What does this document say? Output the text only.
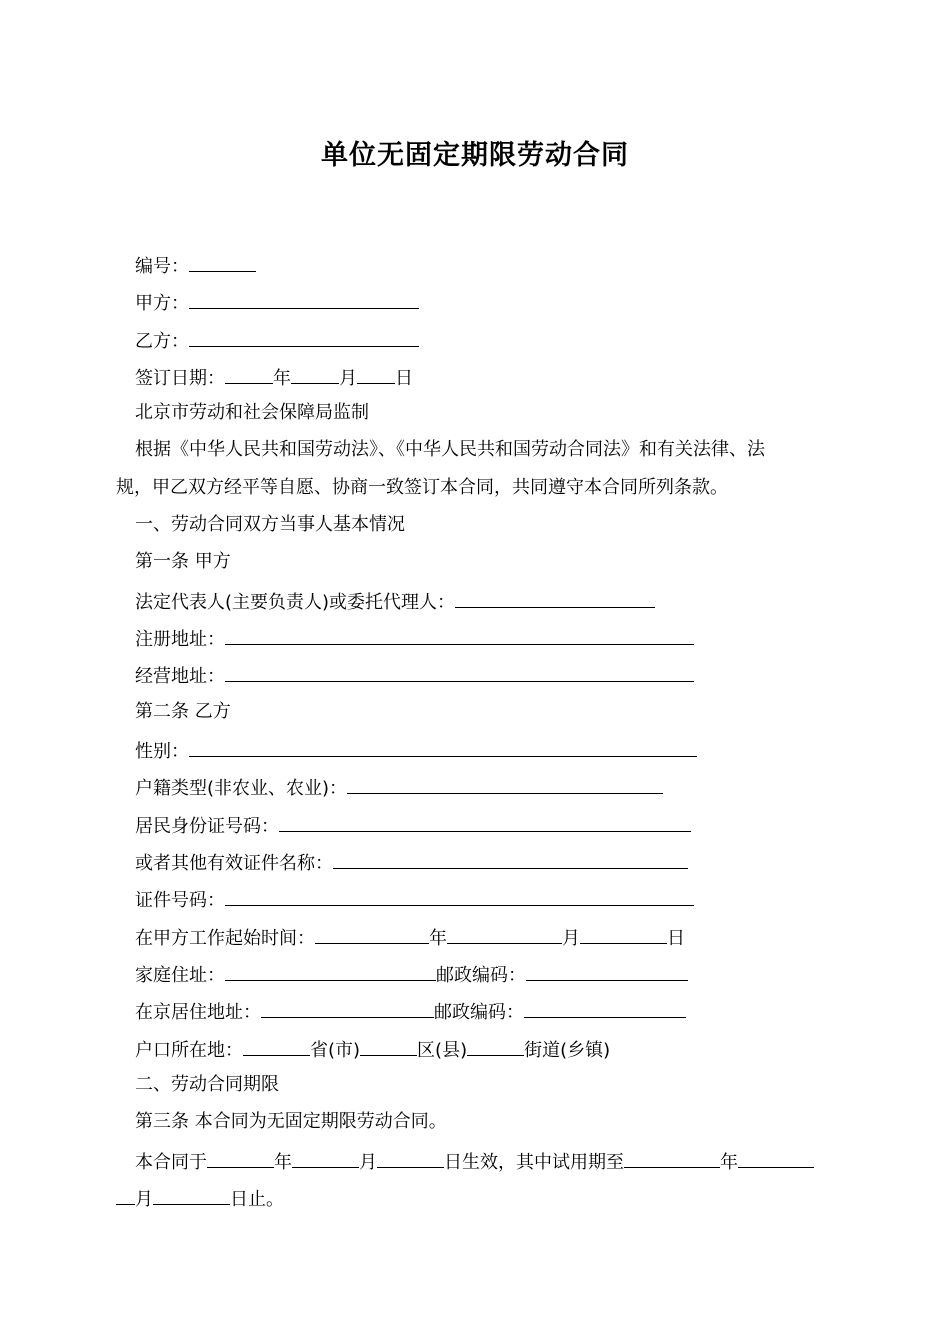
单位无固定期限劳动合同
编号：
甲方：
乙方：
签订日期：	年	月 日
北京市劳动和社会保障局监制
根据《中华人民共和国劳动法》、《中华人民共和国劳动合同法》和有关法律、法
规，甲乙双方经平等自愿、协商一致签订本合同，共同遵守本合同所列条款。
一、劳动合同双方当事人基本情况
第一条 甲方
法定代表人(主要负责人)或委托代理人：
注册地址：
经营地址：
第二条 乙方
性别：
户籍类型(非农业、农业)：
居民身份证号码：
或者其他有效证件名称：
证件号码：
在甲方工作起始时间：	年	月	日
家庭住址：	邮政编码：
在京居住地址：	邮政编码：
户口所在地：	省(市)	区(县)	街道(乡镇)
二、劳动合同期限
第三条 本合同为无固定期限劳动合同。
本合同于	年	月	日生效，其中试用期至	年
月	日止。
